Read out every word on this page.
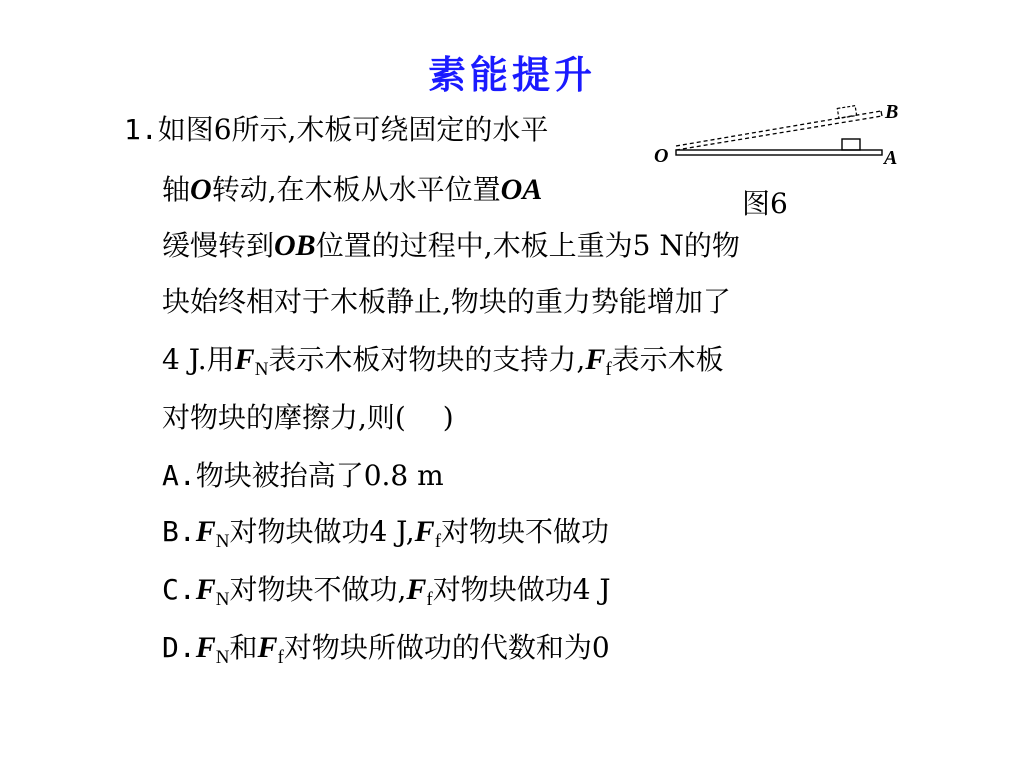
素能提升
1.如图6所示,木板可绕固定的水平
轴O转动,在木板从水平位置OA
缓慢转到OB位置的过程中,木板上重为5 N的物
块始终相对于木板静止,物块的重力势能增加了
4 J.用$F_N$表示木板对物块的支持力$,F_f$表示木板
对物块的摩擦力,则(　 )
A.物块被抬高了0.8 m
$B.F_N$对物块做功4 $J,F_f$对物块不做功
$C.F_N$对物块不做功$,F_f$对物块做功4 J
$D.F_N$和$F_f$对物块所做功的代数和为0
O	A
B
图6
